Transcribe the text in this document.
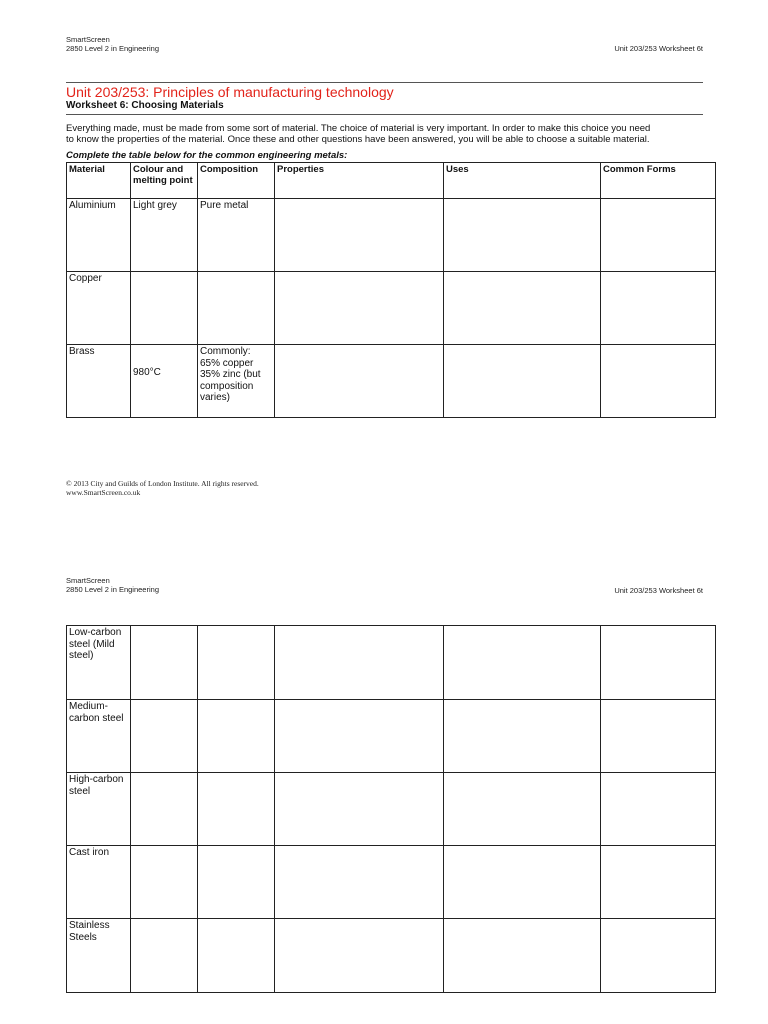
SmartScreen
2850 Level 2 in Engineering	Unit 203/253 Worksheet 6t
Unit 203/253: Principles of manufacturing technology
Worksheet 6: Choosing Materials
Everything made, must be made from some sort of material. The choice of material is very important. In order to make this choice you need
to know the properties of the material. Once these and other questions have been answered, you will be able to choose a suitable material.
Complete the table below for the common engineering metals:
Material	Colour and melting point	Composition	Properties	Uses	Common Forms
Aluminium	Light grey	Pure metal			
Copper					
Brass	980°C	Commonly: 65% copper 35% zinc (but composition varies)			
© 2013 City and Guilds of London Institute. All rights reserved.
www.SmartScreen.co.uk
SmartScreen
2850 Level 2 in Engineering	Unit 203/253 Worksheet 6t
Low-carbon steel (Mild steel)					
Medium-carbon steel					
High-carbon steel					
Cast iron					
Stainless Steels					
